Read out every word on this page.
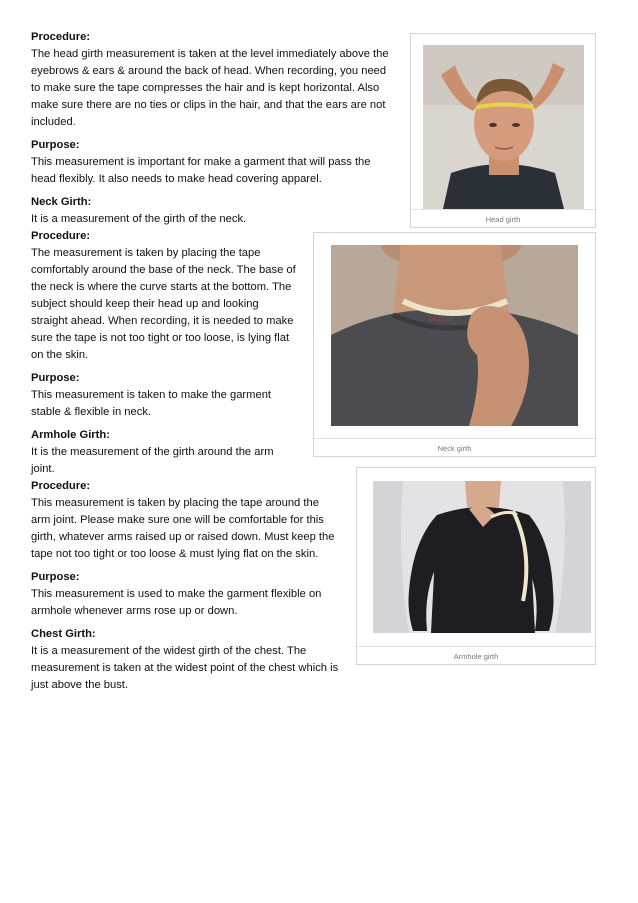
Procedure:

The head girth measurement is taken at the level immediately above the

eyebrows & ears & around the back of head. When recording, you need

to make sure the tape compresses the hair and is kept horizontal. Also

make sure there are no ties or clips in the hair, and that the ears are not

included.

Purpose:

This measurement is important for make a garment that will pass the

head flexibly. It also needs to make head covering apparel.

Neck Girth:

It is a measurement of the girth of the neck.

Procedure:

The measurement is taken by placing the tape

comfortably around the base of the neck. The base of

the neck is where the curve starts at the bottom. The

subject should keep their head up and looking

straight ahead. When recording, it is needed to make

sure the tape is not too tight or too loose, is lying flat

on the skin.

Purpose:

This measurement is taken to make the garment

stable & flexible in neck.

Armhole Girth:

It is the measurement of the girth around the arm

joint.

Procedure:

This measurement is taken by placing the tape around the

arm joint. Please make sure one will be comfortable for this

girth, whatever arms raised up or raised down. Must keep the

tape not too tight or too loose & must lying flat on the skin.

Purpose:

This measurement is used to make the garment flexible on

armhole whenever arms rose up or down.

Chest Girth:

It is a measurement of the widest girth of the chest. The

measurement is taken at the widest point of the chest which is

just above the bust.

Head girth
14 15 16
Neck girth
Armhole girth
